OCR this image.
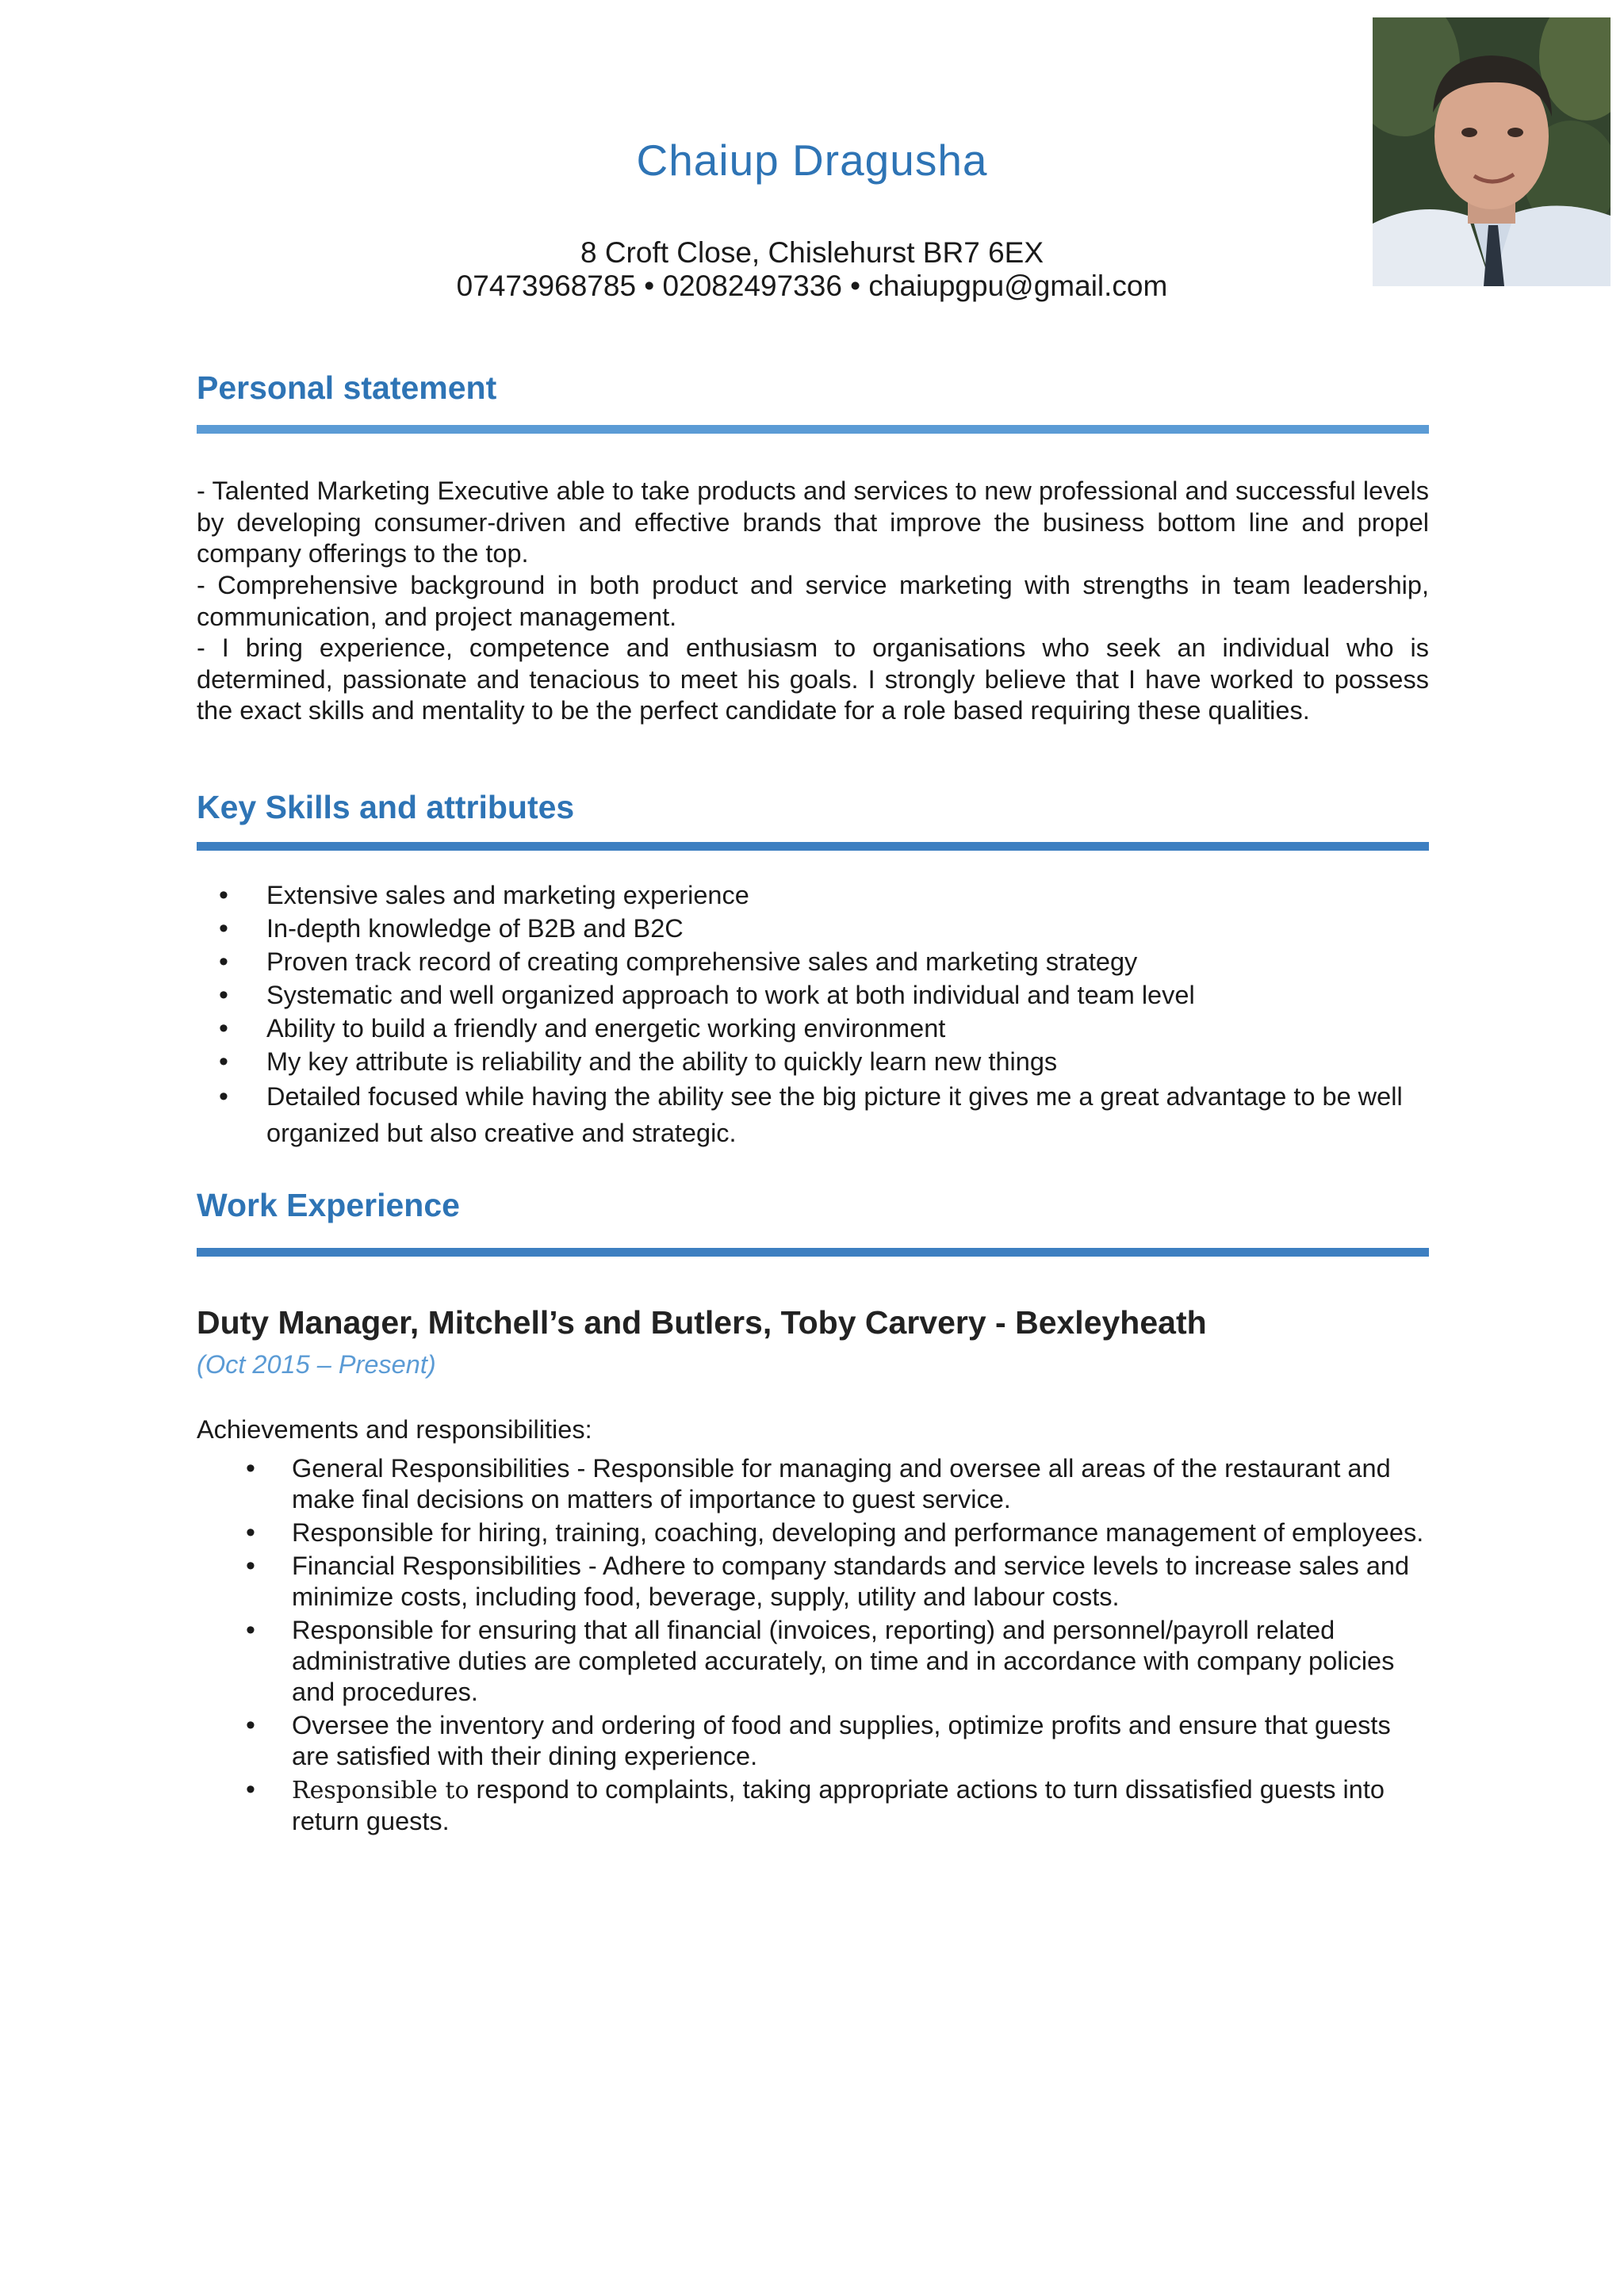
Chaiup Dragusha
8 Croft Close, Chislehurst BR7 6EX
07473968785 • 02082497336 • chaiupgpu@gmail.com
Personal statement

- Talented Marketing Executive able to take products and services to new professional and successful levels by developing consumer-driven and effective brands that improve the business bottom line and propel company offerings to the top.

- Comprehensive background in both product and service marketing with strengths in team leadership, communication, and project management.

- I bring experience, competence and enthusiasm to organisations who seek an individual who is determined, passionate and tenacious to meet his goals. I strongly believe that I have worked to possess the exact skills and mentality to be the perfect candidate for a role based requiring these qualities.

Key Skills and attributes
• Extensive sales and marketing experience
• In-depth knowledge of B2B and B2C
• Proven track record of creating comprehensive sales and marketing strategy
• Systematic and well organized approach to work at both individual and team level
• Ability to build a friendly and energetic working environment
• My key attribute is reliability and the ability to quickly learn new things
• Detailed focused while having the ability see the big picture it gives me a great advantage to be well organized but also creative and strategic.
Work Experience
Duty Manager, Mitchell’s and Butlers, Toby Carvery - Bexleyheath
(Oct 2015 – Present)
Achievements and responsibilities:
• General Responsibilities - Responsible for managing and oversee all areas of the restaurant and make final decisions on matters of importance to guest service.
• Responsible for hiring, training, coaching, developing and performance management of employees.
• Financial Responsibilities - Adhere to company standards and service levels to increase sales and minimize costs, including food, beverage, supply, utility and labour costs.
• Responsible for ensuring that all financial (invoices, reporting) and personnel/payroll related administrative duties are completed accurately, on time and in accordance with company policies and procedures.
• Oversee the inventory and ordering of food and supplies, optimize profits and ensure that guests are satisfied with their dining experience.
• Responsible to respond to complaints, taking appropriate actions to turn dissatisfied guests into return guests.
